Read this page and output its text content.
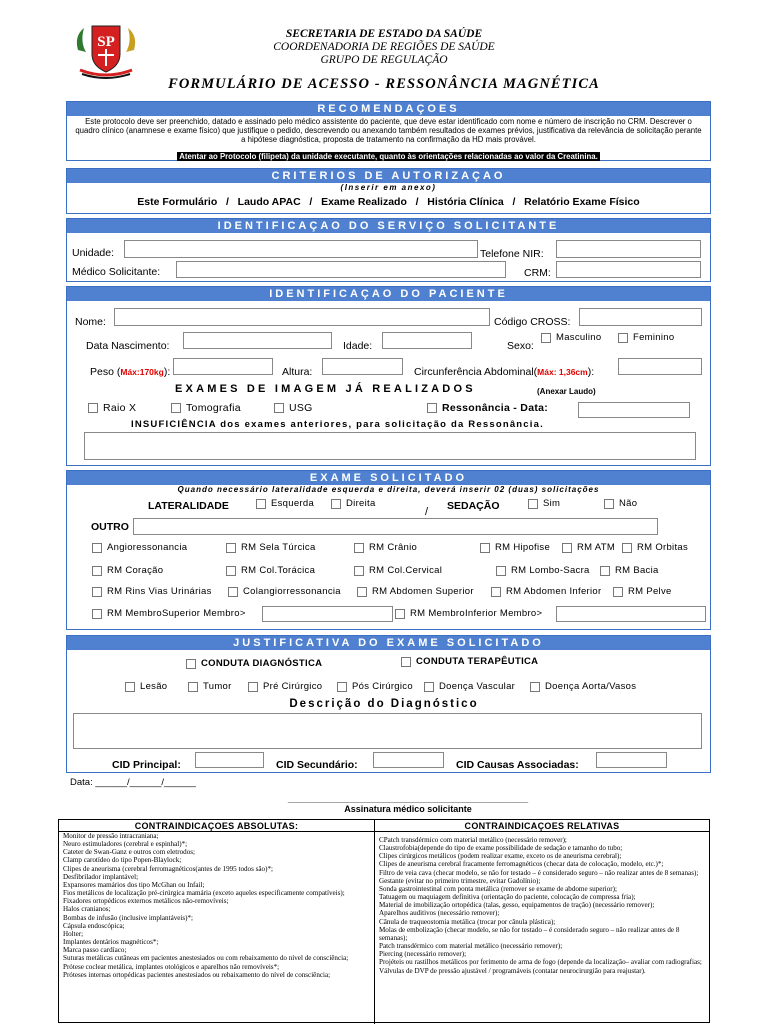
SP	SECRETARIA DE ESTADO DA SAÚDE
COORDENADORIA DE REGIÕES DE SAÚDE
GRUPO DE REGULAÇÃO
FORMULÁRIO DE ACESSO - RESSONÂNCIA MAGNÉTICA
RECOMENDAÇOES
Este protocolo deve ser preenchido, datado e assinado pelo médico assistente do paciente, que deve estar identificado com nome e número de inscrição no CRM. Descrever o quadro clínico (anamnese e exame físico) que justifique o pedido, descrevendo ou anexando também resultados de exames prévios, justificativa da relevância de solicitação perante a hipótese diagnóstica, proposta de tratamento na confirmação da HD mais provável.
Atentar ao Protocolo (filipeta) da unidade executante, quanto às orientações relacionadas ao valor da Creatinina.
CRITERIOS DE AUTORIZAÇAO
(Inserir em anexo)
Este Formulário   /   Laudo APAC   /   Exame Realizado   /   História Clínica   /   Relatório Exame Físico
IDENTIFICAÇAO DO SERVIÇO SOLICITANTE
Unidade:	Telefone NIR:
Médico Solicitante:	CRM:
IDENTIFICAÇAO DO PACIENTE
Nome:	Código CROSS:
Data Nascimento:	Idade:	Sexo:
Masculino	Feminino
Peso (Máx:170kg):	Altura:	Circunferência Abdominal(Máx: 1,36cm):
EXAMES DE IMAGEM JÁ REALIZADOS	(Anexar Laudo)
Raio X	Tomografia	USG	Ressonância - Data:
INSUFICIÊNCIA dos exames anteriores, para solicitação da Ressonância.
EXAME SOLICITADO
Quando necessário lateralidade esquerda e direita, deverá inserir 02 (duas) solicitações
LATERALIDADE	Esquerda	Direita
/ SEDAÇÃO	Sim	Não
OUTRO
Angioressonancia	RM Sela Túrcica	RM Crânio	RM Hipofise	RM ATM RM Orbitas
RM Coração	RM Col.Torácica	RM Col.Cervical	RM Lombo-Sacra	RM Bacia
RM Rins Vias Urinárias	Colangiorressonancia	RM Abdomen Superior	RM Abdomen Inferior	RM Pelve
RM MembroSuperior Membro>	RM MembroInferior Membro>
JUSTIFICATIVA DO EXAME SOLICITADO
CONDUTA DIAGNÓSTICA	CONDUTA TERAPÊUTICA
Lesão	Tumor	Pré Cirúrgico	Pós Cirúrgico	Doença Vascular	Doença Aorta/Vasos
Descrição do Diagnóstico
CID Principal:	CID Secundário:	CID Causas Associadas:
Data: ______/______/______
________________________________________________
Assinatura médico solicitante
CONTRAINDICAÇOES ABSOLUTAS:
Monitor de pressão intracraniana;
Neuro estimuladores (cerebral e espinhal)*;
Cateter de Swan-Ganz e outros com eletrodos;
Clamp carotídeo do tipo Popen-Blaylock;
Clipes de aneurisma (cerebral ferromagnéticos(antes de 1995 todos são)*;
Desfibrilador implantável;
Expansores mamários dos tipo McGhan ou Infail;
Fios metálicos de localização pré-cirúrgica mamária (exceto aqueles especificamente compatíveis);
Fixadores ortopédicos externos metálicos não-removíveis;
Halos cranianos;
Bombas de infusão (inclusive implantáveis)*;
Cápsula endoscópica;
Holter;
Implantes dentários magnéticos*;
Marca passo cardíaco;
Suturas metálicas cutâneas em pacientes anestesiados ou com rebaixamento do nível de consciência;
Prótese coclear metálica, implantes otológicos e aparelhos não removíveis*;
Próteses internas ortopédicas pacientes anestesiados ou rebaixamento do nível de consciência;
CONTRAINDICAÇOES RELATIVAS
CPatch transdérmico com material metálico (necessário remover);
Claustrofobia(depende do tipo de exame possibilidade de sedação e tamanho do tubo;
Clipes cirúrgicos metálicos (podem realizar exame, exceto os de aneurisma cerebral);
Clipes de aneurisma cerebral fracamente ferromagnéticos (checar data de colocação, modelo, etc.)*;
Filtro de veia cava (checar modelo, se não for testado – é considerado seguro – não realizar antes de 8 semanas);
Gestante (evitar no primeiro trimestre, evitar Gadolínio);
Sonda gastrointestinal com ponta metálica (remover se exame de abdome superior);
Tatuagem ou maquiagem definitiva (orientação do paciente, colocação de compressa fria);
Material de imobilização ortopédica (talas, gesso, equipamentos de tração) (necessário remover);
Aparelhos auditivos (necessário remover);
Cânula de traqueostomia metálica (trocar por cânula plástica);
Molas de embolização (checar modelo, se não for testado – é considerado seguro – não realizar antes de 8 semanas);
Patch transdérmico com material metálico (necessário remover);
Piercing (necessário remover);
Projéteis ou rastilhos metálicos por ferimento de arma de fogo (depende da localização– avaliar com radiografias;
Válvulas de DVP de pressão ajustável / programáveis (contatar neurocirurgião para reajustar).
